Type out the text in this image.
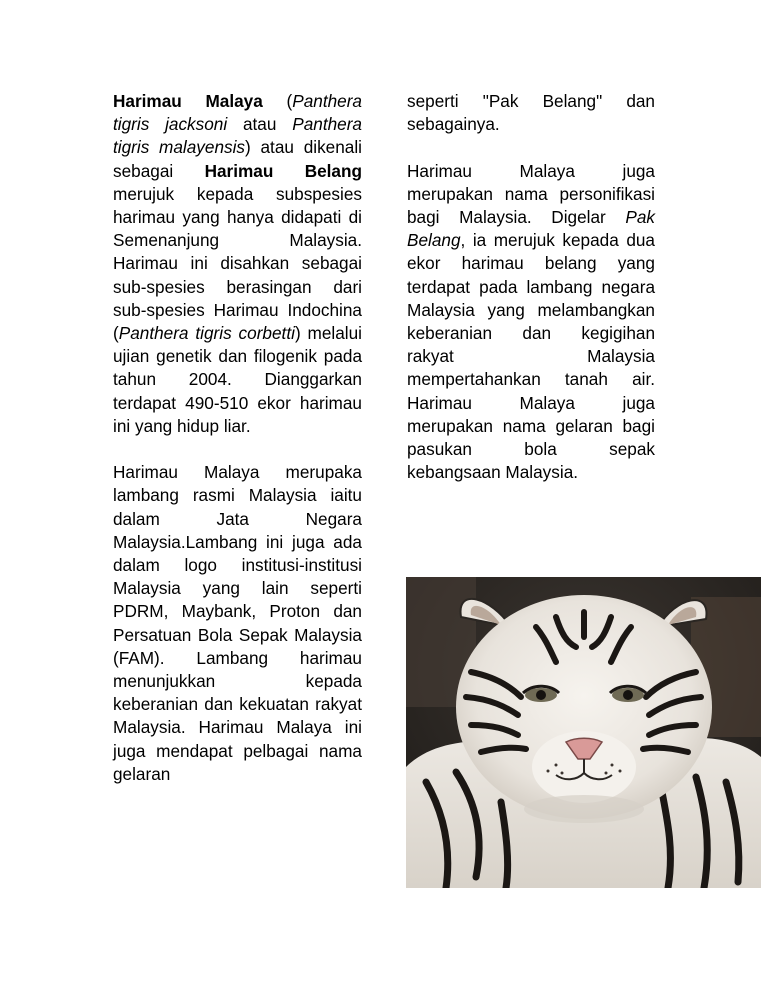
Harimau Malaya (Panthera tigris jacksoni atau Panthera tigris malayensis) atau dikenali sebagai Harimau Belang merujuk kepada subspesies harimau yang hanya didapati di Semenanjung Malaysia. Harimau ini disahkan sebagai sub-spesies berasingan dari sub-spesies Harimau Indochina (Panthera tigris corbetti) melalui ujian genetik dan filogenik pada tahun 2004. Dianggarkan terdapat 490-510 ekor harimau ini yang hidup liar.

Harimau Malaya merupaka lambang rasmi Malaysia iaitu dalam Jata Negara Malaysia.Lambang ini juga ada dalam logo institusi-institusi Malaysia yang lain seperti PDRM, Maybank, Proton dan Persatuan Bola Sepak Malaysia (FAM). Lambang harimau menunjukkan kepada keberanian dan kekuatan rakyat Malaysia. Harimau Malaya ini juga mendapat pelbagai nama gelaran

seperti "Pak Belang" dan sebagainya.

Harimau Malaya juga merupakan nama personifikasi bagi Malaysia. Digelar Pak Belang, ia merujuk kepada dua ekor harimau belang yang terdapat pada lambang negara Malaysia yang melambangkan keberanian dan kegigihan rakyat Malaysia mempertahankan tanah air. Harimau Malaya juga merupakan nama gelaran bagi pasukan bola sepak kebangsaan Malaysia.
